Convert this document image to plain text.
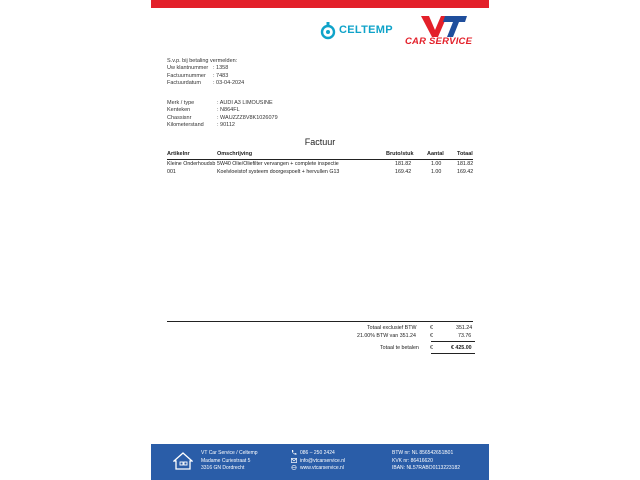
CELTEMP
CAR SERVICE
S.v.p. bij betaling vermelden:
Uw klantnummer : 1358
Factuurnummer	: 7483
Factuurdatum	: 03-04-2024
Merk / type	: AUDI A3 LIMOUSINE
Kenteken	: N864FL
Chassisnr	: WAUZZZ8V8K1026079
Kilometerstand	: 90112
Factuur
Artikelnr	Omschrijving	Bruto/stuk Aantal Totaal
Kleine Onderhoudsb 5W40 Olie/Oliefilter vervangen + complete inspectie	181.82	1.00	181.82
001	Koelvloeistof systeem doorgespoelt + hervullen G13	169.42	1.00	169.42
Totaal exclusief BTW	€	351.24
21.00% BTW van 351.24	€	73.76
Totaal te betalen €	€ 425.00
VT Car Service / Celtemp
Madame Curiestraat 5
3316 GN Dordrecht
086 – 250 2424
info@vtcarservice.nl
www.vtcarservice.nl
BTW nr: NL 856542651B01
KVK nr: 86416620
IBAN: NL57RABO0113223182
